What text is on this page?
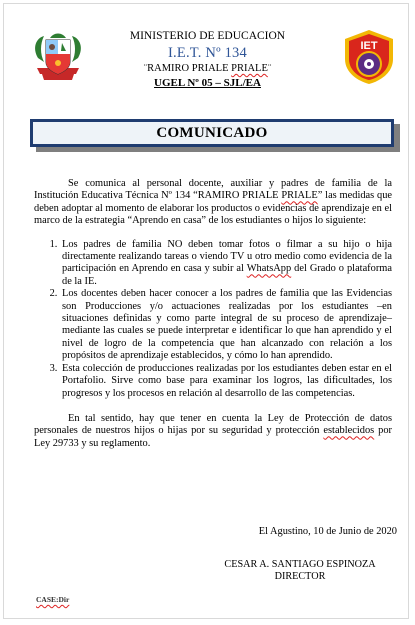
MINISTERIO DE EDUCACION
I.E.T. Nº 134
¨RAMIRO PRIALE PRIALE¨
UGEL Nº 05 – SJL/EA
IET
COMUNICADO

Se comunica al personal docente, auxiliar y padres de familia de la Institución Educativa Técnica Nº 134 “RAMIRO PRIALE PRIALE” las medidas que deben adoptar al momento de elaborar los productos o evidencias de aprendizaje en el marco de la estrategia “Aprendo en casa” de los estudiantes o hijos lo siguiente:

1. Los padres de familia NO deben tomar fotos o filmar a su hijo o hija directamente realizando tareas o viendo TV u otro medio como evidencia de la participación en Aprendo en casa y subir al WhatsApp del Grado o plataforma de la IE.
2. Los docentes deben hacer conocer a los padres de familia que las Evidencias son Producciones y/o actuaciones realizadas por los estudiantes –en situaciones definidas y como parte integral de su proceso de aprendizaje– mediante las cuales se puede interpretar e identificar lo que han aprendido y el nivel de logro de la competencia que han alcanzado con relación a los propósitos de aprendizaje establecidos, y cómo lo han aprendido.
3. Esta colección de producciones realizadas por los estudiantes deben estar en el Portafolio. Sirve como base para examinar los logros, las dificultades, los progresos y los procesos en relación al desarrollo de las competencias.

En tal sentido, hay que tener en cuenta la Ley de Protección de datos personales de nuestros hijos o hijas por su seguridad y protección establecidos por Ley 29733 y su reglamento.

El Agustino, 10 de Junio de 2020
CESAR A. SANTIAGO ESPINOZA
DIRECTOR
CASE:Dir
